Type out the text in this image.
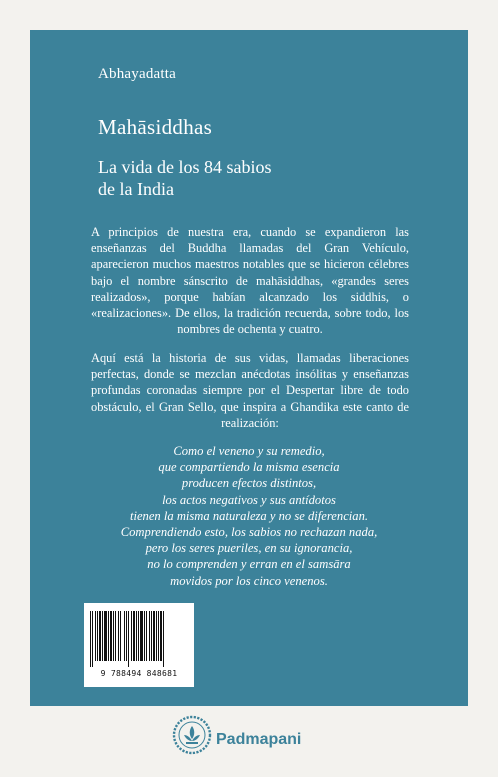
Abhayadatta
Mahāsiddhas
La vida de los 84 sabios
de la India
A principios de nuestra era, cuando se expandieron las enseñanzas del Buddha llamadas del Gran Vehículo, aparecieron muchos maestros notables que se hicieron célebres bajo el nombre sánscrito de mahāsiddhas, «grandes seres realizados», porque habían alcanzado los siddhis, o «realizaciones». De ellos, la tradición recuerda, sobre todo, los nombres de ochenta y cuatro.
Aquí está la historia de sus vidas, llamadas liberaciones perfectas, donde se mezclan anécdotas insólitas y enseñanzas profundas coronadas siempre por el Despertar libre de todo obstáculo, el Gran Sello, que inspira a Ghandika este canto de realización:
Como el veneno y su remedio,
que compartiendo la misma esencia
producen efectos distintos,
los actos negativos y sus antídotos
tienen la misma naturaleza y no se diferencian.
Comprendiendo esto, los sabios no rechazan nada,
pero los seres pueriles, en su ignorancia,
no lo comprenden y erran en el samsāra
movidos por los cinco venenos.
9 788494 848681
Padmapani
